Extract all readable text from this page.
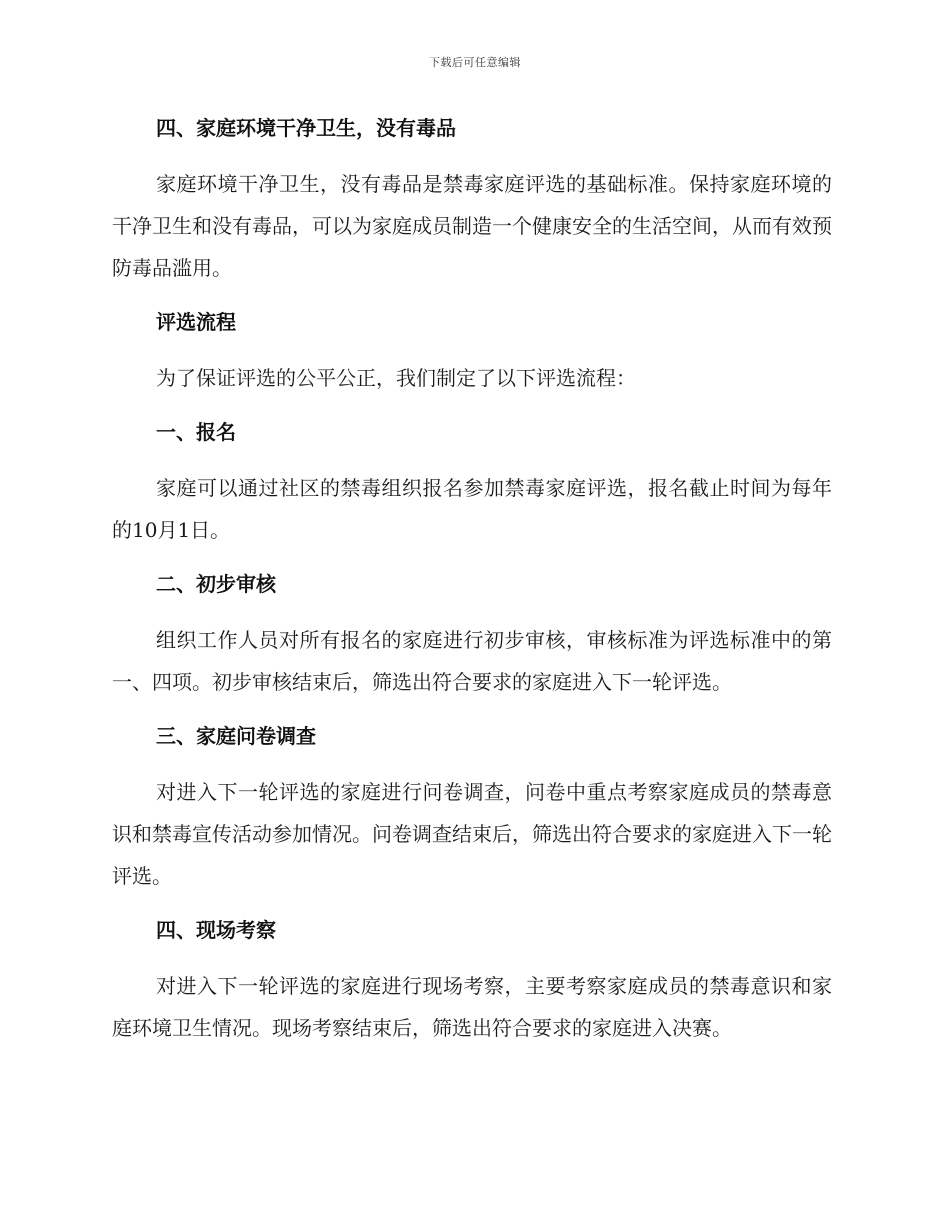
下载后可任意编辑
四、家庭环境干净卫生，没有毒品
家庭环境干净卫生，没有毒品是禁毒家庭评选的基础标准。保持家庭环境的干净卫生和没有毒品，可以为家庭成员制造一个健康安全的生活空间，从而有效预防毒品滥用。
评选流程
为了保证评选的公平公正，我们制定了以下评选流程：
一、报名
家庭可以通过社区的禁毒组织报名参加禁毒家庭评选，报名截止时间为每年的10月1日。
二、初步审核
组织工作人员对所有报名的家庭进行初步审核，审核标准为评选标准中的第一、四项。初步审核结束后，筛选出符合要求的家庭进入下一轮评选。
三、家庭问卷调查
对进入下一轮评选的家庭进行问卷调查，问卷中重点考察家庭成员的禁毒意识和禁毒宣传活动参加情况。问卷调查结束后，筛选出符合要求的家庭进入下一轮评选。
四、现场考察
对进入下一轮评选的家庭进行现场考察，主要考察家庭成员的禁毒意识和家庭环境卫生情况。现场考察结束后，筛选出符合要求的家庭进入决赛。
